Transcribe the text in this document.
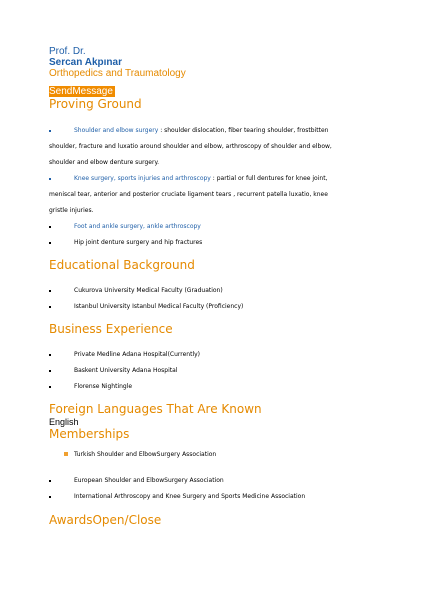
Prof. Dr.
Sercan Akpınar
Orthopedics and Traumatology
SendMessage
Proving Ground
Shoulder and elbow surgery : shoulder dislocation, fiber tearing shoulder, frostbitten
shoulder, fracture and luxatio around shoulder and elbow, arthroscopy of shoulder and elbow,
shoulder and elbow denture surgery.
Knee surgery, sports injuries and arthroscopy : partial or full dentures for knee joint,
meniscal tear, anterior and posterior cruciate ligament tears , recurrent patella luxatio, knee
gristle injuries.
Foot and ankle surgery, ankle arthroscopy
Hip joint denture surgery and hip fractures
Educational Background
Cukurova University Medical Faculty (Graduation)
Istanbul University Istanbul Medical Faculty (Proficiency)
Business Experience
Private Medline Adana Hospital(Currently)
Baskent University Adana Hospital
Florense Nightingle
Foreign Languages That Are Known
English
Memberships
Turkish Shoulder and ElbowSurgery Association
European Shoulder and ElbowSurgery Association
International Arthroscopy and Knee Surgery and Sports Medicine Association
AwardsOpen/Close
